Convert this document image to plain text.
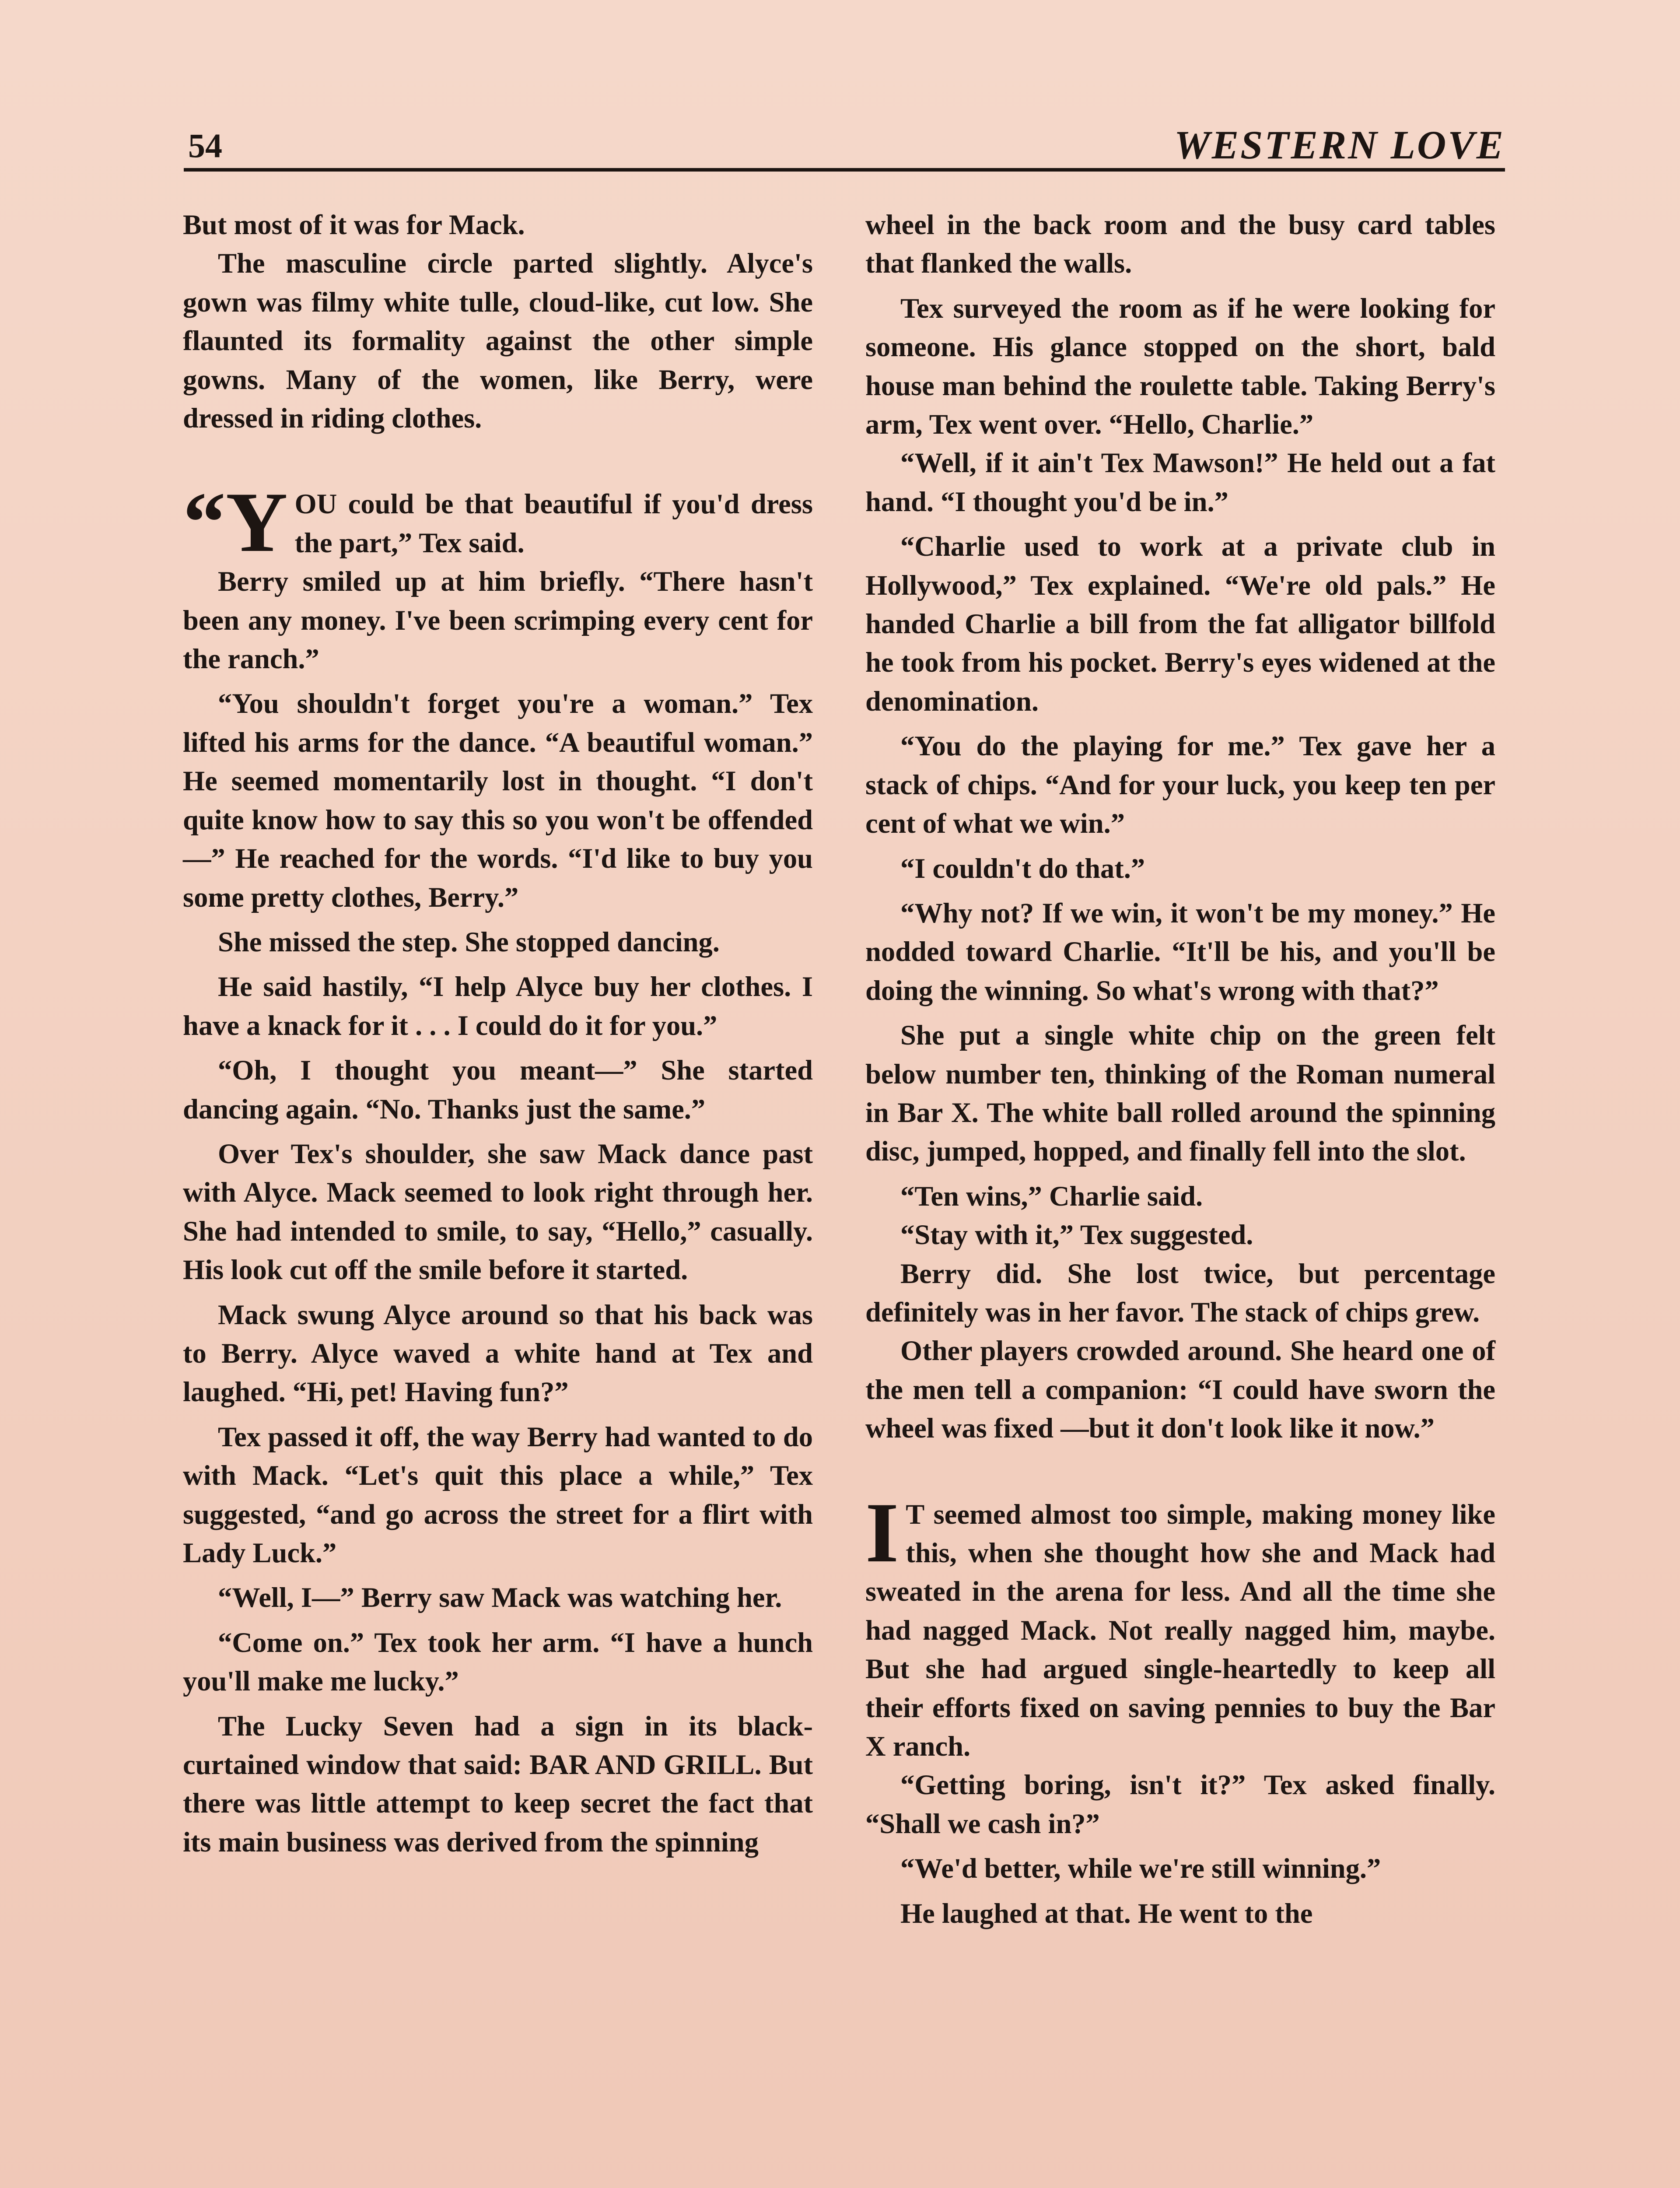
54	WESTERN LOVE

But most of it was for Mack.

The masculine circle parted slightly. Alyce's gown was filmy white tulle, cloud-like, cut low. She flaunted its formality against the other simple gowns. Many of the women, like Berry, were dressed in riding clothes.

“YOU could be that beautiful if you'd dress the part,” Tex said.

Berry smiled up at him briefly. “There hasn't been any money. I've been scrimping every cent for the ranch.”

“You shouldn't forget you're a woman.” Tex lifted his arms for the dance. “A beautiful woman.” He seemed momentarily lost in thought. “I don't quite know how to say this so you won't be offended—” He reached for the words. “I'd like to buy you some pretty clothes, Berry.”

She missed the step. She stopped dancing.

He said hastily, “I help Alyce buy her clothes. I have a knack for it . . . I could do it for you.”

“Oh, I thought you meant—” She started dancing again. “No. Thanks just the same.”

Over Tex's shoulder, she saw Mack dance past with Alyce. Mack seemed to look right through her. She had intended to smile, to say, “Hello,” casually. His look cut off the smile before it started.

Mack swung Alyce around so that his back was to Berry. Alyce waved a white hand at Tex and laughed. “Hi, pet! Having fun?”

Tex passed it off, the way Berry had wanted to do with Mack. “Let's quit this place a while,” Tex suggested, “and go across the street for a flirt with Lady Luck.”

“Well, I—” Berry saw Mack was watching her.

“Come on.” Tex took her arm. “I have a hunch you'll make me lucky.”

The Lucky Seven had a sign in its black-curtained window that said: BAR AND GRILL. But there was little attempt to keep secret the fact that its main business was derived from the spinning

wheel in the back room and the busy card tables that flanked the walls.

Tex surveyed the room as if he were looking for someone. His glance stopped on the short, bald house man behind the roulette table. Taking Berry's arm, Tex went over. “Hello, Charlie.”

“Well, if it ain't Tex Mawson!” He held out a fat hand. “I thought you'd be in.”

“Charlie used to work at a private club in Hollywood,” Tex explained. “We're old pals.” He handed Charlie a bill from the fat alligator billfold he took from his pocket. Berry's eyes widened at the denomination.

“You do the playing for me.” Tex gave her a stack of chips. “And for your luck, you keep ten per cent of what we win.”

“I couldn't do that.”

“Why not? If we win, it won't be my money.” He nodded toward Charlie. “It'll be his, and you'll be doing the winning. So what's wrong with that?”

She put a single white chip on the green felt below number ten, thinking of the Roman numeral in Bar X. The white ball rolled around the spinning disc, jumped, hopped, and finally fell into the slot.

“Ten wins,” Charlie said.

“Stay with it,” Tex suggested.

Berry did. She lost twice, but percentage definitely was in her favor. The stack of chips grew.

Other players crowded around. She heard one of the men tell a companion: “I could have sworn the wheel was fixed —but it don't look like it now.”

I T seemed almost too simple, making money like this, when she thought how she and Mack had sweated in the arena for less. And all the time she had nagged Mack. Not really nagged him, maybe. But she had argued single-heartedly to keep all their efforts fixed on saving pennies to buy the Bar X ranch.

“Getting boring, isn't it?” Tex asked finally. “Shall we cash in?”

“We'd better, while we're still winning.”

He laughed at that. He went to the
